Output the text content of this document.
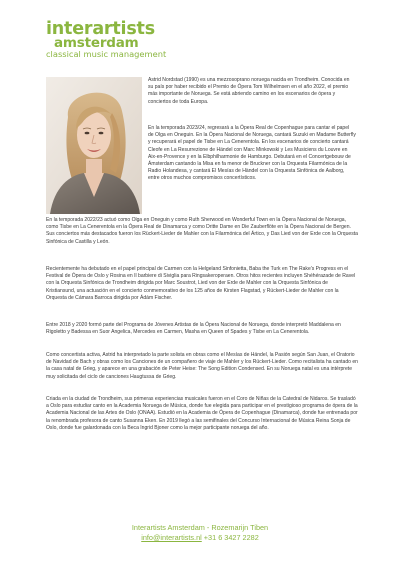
interartists
amsterdam
classical music management

Astrid Nordstad (1990) es una mezzosoprano noruega nacida en Trondheim. Conocida en su país por haber recibido el Premio de Ópera Tom Wilhelmsen en el año 2022, el premio más importante de Noruega. Se está abriendo camino en los escenarios de ópera y conciertos de toda Europa.

En la temporada 2023/24, regresará a la Ópera Real de Copenhague para cantar el papel de Olga en Oneguin. En la Ópera Nacional de Noruega, cantará Suzuki en Madame Butterfly y recuperará el papel de Tisbe en La Cenerentola. En los escenarios de concierto cantará Cleofe en La Resurrezione de Händel con Marc Minkowski y Les Musiciens du Louvre en Aix-en-Provence y en la Elbphilharmonie de Hamburgo. Debutará en el Concertgebouw de Ámsterdam cantando la Misa en fa menor de Bruckner con la Orquesta Filarmónica de la Radio Holandesa, y cantará El Mesías de Händel con la Orquesta Sinfónica de Aalborg, entre otros muchos compromisos concertísticos.

En la temporada 2022/23 actuó como Olga en Oneguin y como Ruth Sherwood en Wonderful Town en la Ópera Nacional de Noruega, como Tisbe en La Cenerentola en la Ópera Real de Dinamarca y como Dritte Dame en Die Zauberflöte en la Ópera Nacional de Bergen. Sus conciertos más destacados fueron los Rückert-Lieder de Mahler con la Filarmónica del Ártico, y Das Lied von der Erde con la Orquesta Sinfónica de Castilla y León.

Recientemente ha debutado en el papel principal de Carmen con la Helgeland Sinfonietta, Baba the Turk en The Rake's Progress en el Festival de Ópera de Oslo y Rosina en Il barbiere di Siviglia para Ringsakeroperaen. Otros hitos recientes incluyen Shéhérazade de Ravel con la Orquesta Sinfónica de Trondheim dirigida por Marc Soustrot, Lied von der Erde de Mahler con la Orquesta Sinfónica de Kristiansund, una actuación en el concierto conmemorativo de los 125 años de Kirsten Flagstad, y Rückert-Lieder de Mahler con la Orquesta de Cámara Barroca dirigida por Ádám Fischer.

Entre 2018 y 2020 formó parte del Programa de Jóvenes Artistas de la Ópera Nacional de Noruega, donde interpretó Maddalena en Rigoletto y Badessa en Suor Angelica, Mercedes en Carmen, Masha en Queen of Spades y Tisbe en La Cenerentola.

Como concertista activa, Astrid ha interpretado la parte solista en obras como el Mesías de Händel, la Pasión según San Juan, el Oratorio de Navidad de Bach y obras como los Canciones de un compañero de viaje de Mahler y los Rückert-Lieder. Como recitalista ha cantado en la casa natal de Grieg, y aparece en una grabación de Peter Heise: The Song Edition Condensed. En su Noruega natal es una intérprete muy solicitada del ciclo de canciones Haugtussa de Grieg.

Criada en la ciudad de Trondheim, sus primeras experiencias musicales fueron en el Coro de Niñas de la Catedral de Nidaros. Se trasladó a Oslo para estudiar canto en la Academia Noruega de Música, donde fue elegida para participar en el prestigioso programa de ópera de la Academia Nacional de las Artes de Oslo (ONAA). Estudió en la Academia de Ópera de Copenhague (Dinamarca), donde fue entrenada por la renombrada profesora de canto Susanna Eken. En 2019 llegó a las semifinales del Concurso Internacional de Música Reina Sonja de Oslo, donde fue galardonada con la Beca Ingrid Bjoner como la mejor participante noruega del año.

Interartists Amsterdam - Rozemarijn Tiben
info@interartists.nl +31 6 3427 2282
